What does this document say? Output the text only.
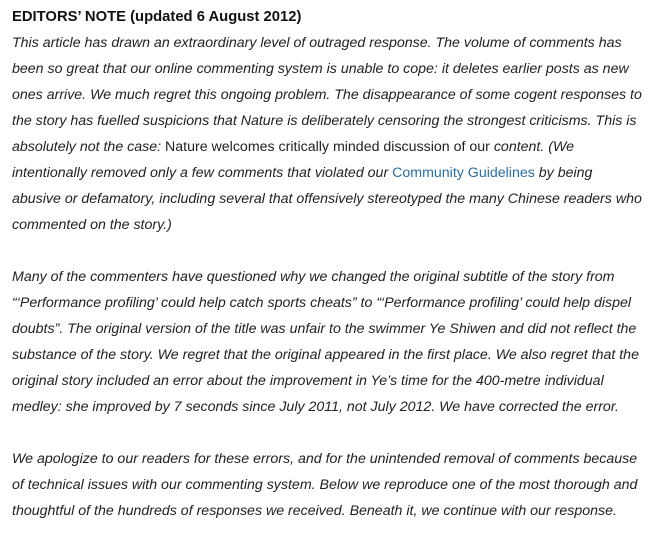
EDITORS’ NOTE (updated 6 August 2012)

This article has drawn an extraordinary level of outraged response. The volume of comments has been so great that our online commenting system is unable to cope: it deletes earlier posts as new ones arrive. We much regret this ongoing problem. The disappearance of some cogent responses to the story has fuelled suspicions that Nature is deliberately censoring the strongest criticisms. This is absolutely not the case: Nature welcomes critically minded discussion of our content. (We intentionally removed only a few comments that violated our Community Guidelines by being abusive or defamatory, including several that offensively stereotyped the many Chinese readers who commented on the story.)

Many of the commenters have questioned why we changed the original subtitle of the story from “‘Performance profiling’ could help catch sports cheats” to “‘Performance profiling’ could help dispel doubts”. The original version of the title was unfair to the swimmer Ye Shiwen and did not reflect the substance of the story. We regret that the original appeared in the first place. We also regret that the original story included an error about the improvement in Ye’s time for the 400-metre individual medley: she improved by 7 seconds since July 2011, not July 2012. We have corrected the error.

We apologize to our readers for these errors, and for the unintended removal of comments because of technical issues with our commenting system. Below we reproduce one of the most thorough and thoughtful of the hundreds of responses we received. Beneath it, we continue with our response.
